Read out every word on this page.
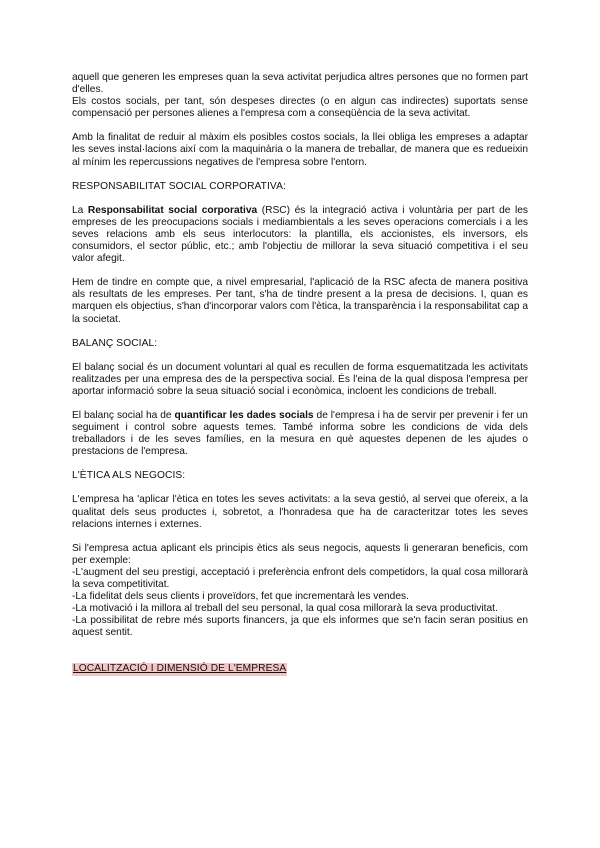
aquell que generen les empreses quan la seva activitat perjudica altres persones que no formen part d'elles.

Els costos socials, per tant, són despeses directes (o en algun cas indirectes) suportats sense compensació per persones alienes a l'empresa com a conseqüència de la seva activitat.

Amb la finalitat de reduir al màxim els posibles costos socials, la llei obliga les empreses a adaptar les seves instal·lacions així com la maquinària o la manera de treballar, de manera que es redueixin al mínim les repercussions negatives de l'empresa sobre l'entorn.

RESPONSABILITAT SOCIAL CORPORATIVA:

La Responsabilitat social corporativa (RSC) és la integració activa i voluntària per part de les empreses de les preocupacions socials i mediambientals a les seves operacions comercials i a les seves relacions amb els seus interlocutors: la plantilla, els accionistes, els inversors, els consumidors, el sector públic, etc.; amb l'objectiu de millorar la seva situació competitiva i el seu valor afegit.

Hem de tindre en compte que, a nivel empresarial, l'aplicació de la RSC afecta de manera positiva als resultats de les empreses. Per tant, s'ha de tindre present a la presa de decisions. I, quan es marquen els objectius, s'han d'incorporar valors com l'ètica, la transparència i la responsabilitat cap a la societat.

BALANÇ SOCIAL:

El balanç social és un document voluntari al qual es recullen de forma esquematitzada les activitats realitzades per una empresa des de la perspectiva social. És l'eina de la qual disposa l'empresa per aportar informació sobre la seua situació social i econòmica, incloent les condicions de treball.

El balanç social ha de quantificar les dades socials de l'empresa i ha de servir per prevenir i fer un seguiment i control sobre aquests temes. També informa sobre les condicions de vida dels treballadors i de les seves famílies, en la mesura en què aquestes depenen de les ajudes o prestacions de l'empresa.

L'ÈTICA ALS NEGOCIS:

L'empresa ha 'aplicar l'ètica en totes les seves activitats: a la seva gestió, al servei que ofereix, a la qualitat dels seus productes i, sobretot, a l'honradesa que ha de caracteritzar totes les seves relacions internes i externes.

Si l'empresa actua aplicant els principis ètics als seus negocis, aquests li generaran beneficis, com per exemple:

-L'augment del seu prestigi, acceptació i preferència enfront dels competidors, la qual cosa millorarà la seva competitivitat.

-La fidelitat dels seus clients i proveïdors, fet que incrementarà les vendes.

-La motivació i la millora al treball del seu personal, la qual cosa millorarà la seva productivitat.

-La possibilitat de rebre més suports financers, ja que els informes que se'n facin seran positius en aquest sentit.

LOCALITZACIÓ I DIMENSIÓ DE L'EMPRESA
